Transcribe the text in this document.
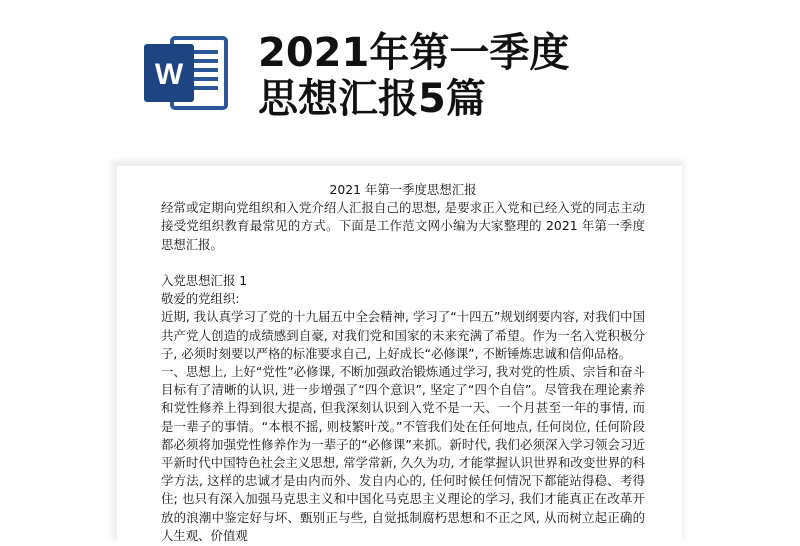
W 2021年第一季度
思想汇报5篇
2021 年第一季度思想汇报

经常或定期向党组织和入党介绍人汇报自己的思想, 是要求正入党和已经入党的同志主动接受党组织教育最常见的方式。下面是工作范文网小编为大家整理的 2021 年第一季度思想汇报。

入党思想汇报 1

敬爱的党组织:

近期, 我认真学习了党的十九届五中全会精神, 学习了“十四五”规划纲要内容, 对我们中国共产党人创造的成绩感到自豪, 对我们党和国家的未来充满了希望。作为一名入党积极分子, 必须时刻要以严格的标准要求自己, 上好成长“必修课”, 不断锤炼忠诚和信仰品格。

一、思想上, 上好“党性”必修课, 不断加强政治锻炼通过学习, 我对党的性质、宗旨和奋斗目标有了清晰的认识, 进一步增强了“四个意识”, 坚定了“四个自信”。尽管我在理论素养和党性修养上得到很大提高, 但我深刻认识到入党不是一天、一个月甚至一年的事情, 而是一辈子的事情。“本根不摇, 则枝繁叶茂。”不管我们处在任何地点, 任何岗位, 任何阶段都必须将加强党性修养作为一辈子的“必修课”来抓。新时代, 我们必须深入学习领会习近平新时代中国特色社会主义思想, 常学常新, 久久为功, 才能掌握认识世界和改变世界的科学方法, 这样的忠诚才是由内而外、发自内心的, 任何时候任何情况下都能站得稳、考得住; 也只有深入加强马克思主义和中国化马克思主义理论的学习, 我们才能真正在改革开放的浪潮中鉴定好与坏、甄别正与些, 自觉抵制腐朽思想和不正之风, 从而树立起正确的人生观、价值观
